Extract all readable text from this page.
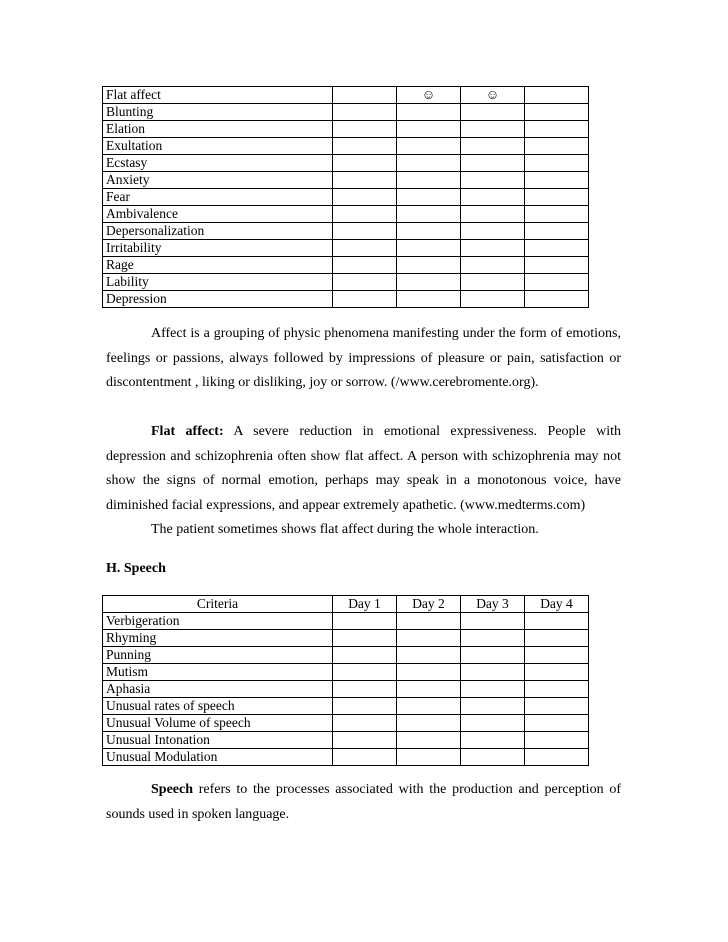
Flat affect		☺	☺	
Blunting				
Elation				
Exultation				
Ecstasy				
Anxiety				
Fear				
Ambivalence				
Depersonalization				
Irritability				
Rage				
Lability				
Depression				

Affect is a grouping of physic phenomena manifesting under the form of emotions, feelings or passions, always followed by impressions of pleasure or pain, satisfaction or discontentment , liking or disliking, joy or sorrow. (/www.cerebromente.org).

Flat affect: A severe reduction in emotional expressiveness. People with depression and schizophrenia often show flat affect. A person with schizophrenia may not show the signs of normal emotion, perhaps may speak in a monotonous voice, have diminished facial expressions, and appear extremely apathetic. (www.medterms.com)

The patient sometimes shows flat affect during the whole interaction.

H. Speech

Criteria	Day 1	Day 2	Day 3	Day 4
Verbigeration				
Rhyming				
Punning				
Mutism				
Aphasia				
Unusual rates of speech				
Unusual Volume of speech				
Unusual Intonation				
Unusual Modulation				

Speech refers to the processes associated with the production and perception of sounds used in spoken language.
